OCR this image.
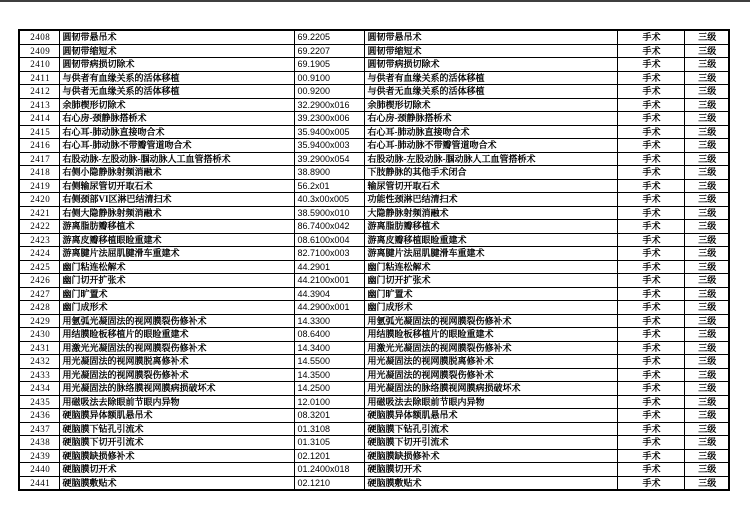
2408	圆韧带悬吊术	69.2205	圆韧带悬吊术	手术	三级
2409	圆韧带缩短术	69.2207	圆韧带缩短术	手术	三级
2410	圆韧带病损切除术	69.1905	圆韧带病损切除术	手术	三级
2411	与供者有血缘关系的活体移植	00.9100	与供者有血缘关系的活体移植	手术	三级
2412	与供者无血缘关系的活体移植	00.9200	与供者无血缘关系的活体移植	手术	三级
2413	余肺楔形切除术	32.2900x016	余肺楔形切除术	手术	三级
2414	右心房-颈静脉搭桥术	39.2300x006	右心房-颈静脉搭桥术	手术	三级
2415	右心耳-肺动脉直接吻合术	35.9400x005	右心耳-肺动脉直接吻合术	手术	三级
2416	右心耳-肺动脉不带瓣管道吻合术	35.9400x003	右心耳-肺动脉不带瓣管道吻合术	手术	三级
2417	右股动脉-左股动脉-腘动脉人工血管搭桥术	39.2900x054	右股动脉-左股动脉-腘动脉人工血管搭桥术	手术	三级
2418	右侧小隐静脉射频消融术	38.8900	下肢静脉的其他手术闭合	手术	三级
2419	右侧输尿管切开取石术	56.2x01	输尿管切开取石术	手术	三级
2420	右侧颈部VI区淋巴结清扫术	40.3x00x005	功能性颈淋巴结清扫术	手术	三级
2421	右侧大隐静脉射频消融术	38.5900x010	大隐静脉射频消融术	手术	三级
2422	游离脂肪瓣移植术	86.7400x042	游离脂肪瓣移植术	手术	三级
2423	游离皮瓣移植眼睑重建术	08.6100x004	游离皮瓣移植眼睑重建术	手术	三级
2424	游离腱片法屈肌腱滑车重建术	82.7100x003	游离腱片法屈肌腱滑车重建术	手术	三级
2425	幽门粘连松解术	44.2901	幽门粘连松解术	手术	三级
2426	幽门切开扩张术	44.2100x001	幽门切开扩张术	手术	三级
2427	幽门旷置术	44.3904	幽门旷置术	手术	三级
2428	幽门成形术	44.2900x001	幽门成形术	手术	三级
2429	用氩弧光凝固法的视网膜裂伤修补术	14.3300	用氩弧光凝固法的视网膜裂伤修补术	手术	三级
2430	用结膜睑板移植片的眼睑重建术	08.6400	用结膜睑板移植片的眼睑重建术	手术	三级
2431	用激光光凝固法的视网膜裂伤修补术	14.3400	用激光光凝固法的视网膜裂伤修补术	手术	三级
2432	用光凝固法的视网膜脱离修补术	14.5500	用光凝固法的视网膜脱离修补术	手术	三级
2433	用光凝固法的视网膜裂伤修补术	14.3500	用光凝固法的视网膜裂伤修补术	手术	三级
2434	用光凝固法的脉络膜视网膜病损破坏术	14.2500	用光凝固法的脉络膜视网膜病损破坏术	手术	三级
2435	用磁吸法去除眼前节眼内异物	12.0100	用磁吸法去除眼前节眼内异物	手术	三级
2436	硬脑膜异体额肌悬吊术	08.3201	硬脑膜异体额肌悬吊术	手术	三级
2437	硬脑膜下钻孔引流术	01.3108	硬脑膜下钻孔引流术	手术	三级
2438	硬脑膜下切开引流术	01.3105	硬脑膜下切开引流术	手术	三级
2439	硬脑膜缺损修补术	02.1201	硬脑膜缺损修补术	手术	三级
2440	硬脑膜切开术	01.2400x018	硬脑膜切开术	手术	三级
2441	硬脑膜敷贴术	02.1210	硬脑膜敷贴术	手术	三级
